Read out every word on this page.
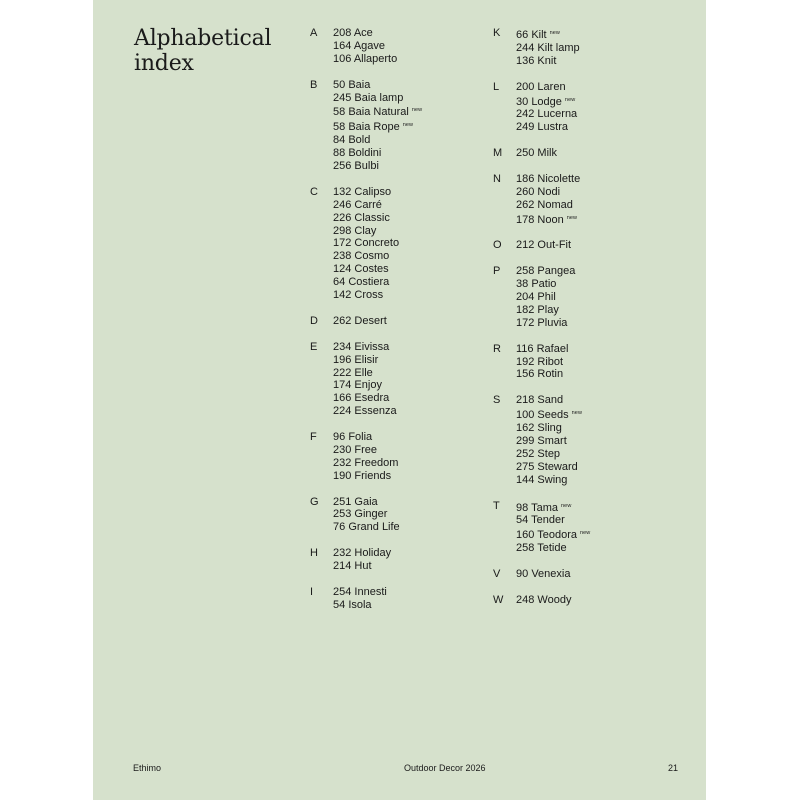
Alphabetical index
A 208 Ace
164 Agave
106 Allaperto
B 50 Baia
245 Baia lamp
58 Baia Natural $^{new}$
58 Baia Rope $^{new}$
84 Bold
88 Boldini
256 Bulbi
C 132 Calipso
246 Carré
226 Classic
298 Clay
172 Concreto
238 Cosmo
124 Costes
64 Costiera
142 Cross
D 262 Desert
E 234 Eivissa
196 Elisir
222 Elle
174 Enjoy
166 Esedra
224 Essenza
F 96 Folia
230 Free
232 Freedom
190 Friends
G 251 Gaia
253 Ginger
76 Grand Life
H 232 Holiday
214 Hut
I 254 Innesti
54 Isola
K 66 Kilt $^{new}$
244 Kilt lamp
136 Knit
L 200 Laren
30 Lodge $^{new}$
242 Lucerna
249 Lustra
M 250 Milk
N 186 Nicolette
260 Nodi
262 Nomad
178 Noon $^{new}$
O 212 Out-Fit
P 258 Pangea
38 Patio
204 Phil
182 Play
172 Pluvia
R 116 Rafael
192 Ribot
156 Rotin
S 218 Sand
100 Seeds $^{new}$
162 Sling
299 Smart
252 Step
275 Steward
144 Swing
T 98 Tama $^{new}$
54 Tender
160 Teodora $^{new}$
258 Tetide
V 90 Venexia
W 248 Woody
Ethimo	Outdoor Decor 2026	21
